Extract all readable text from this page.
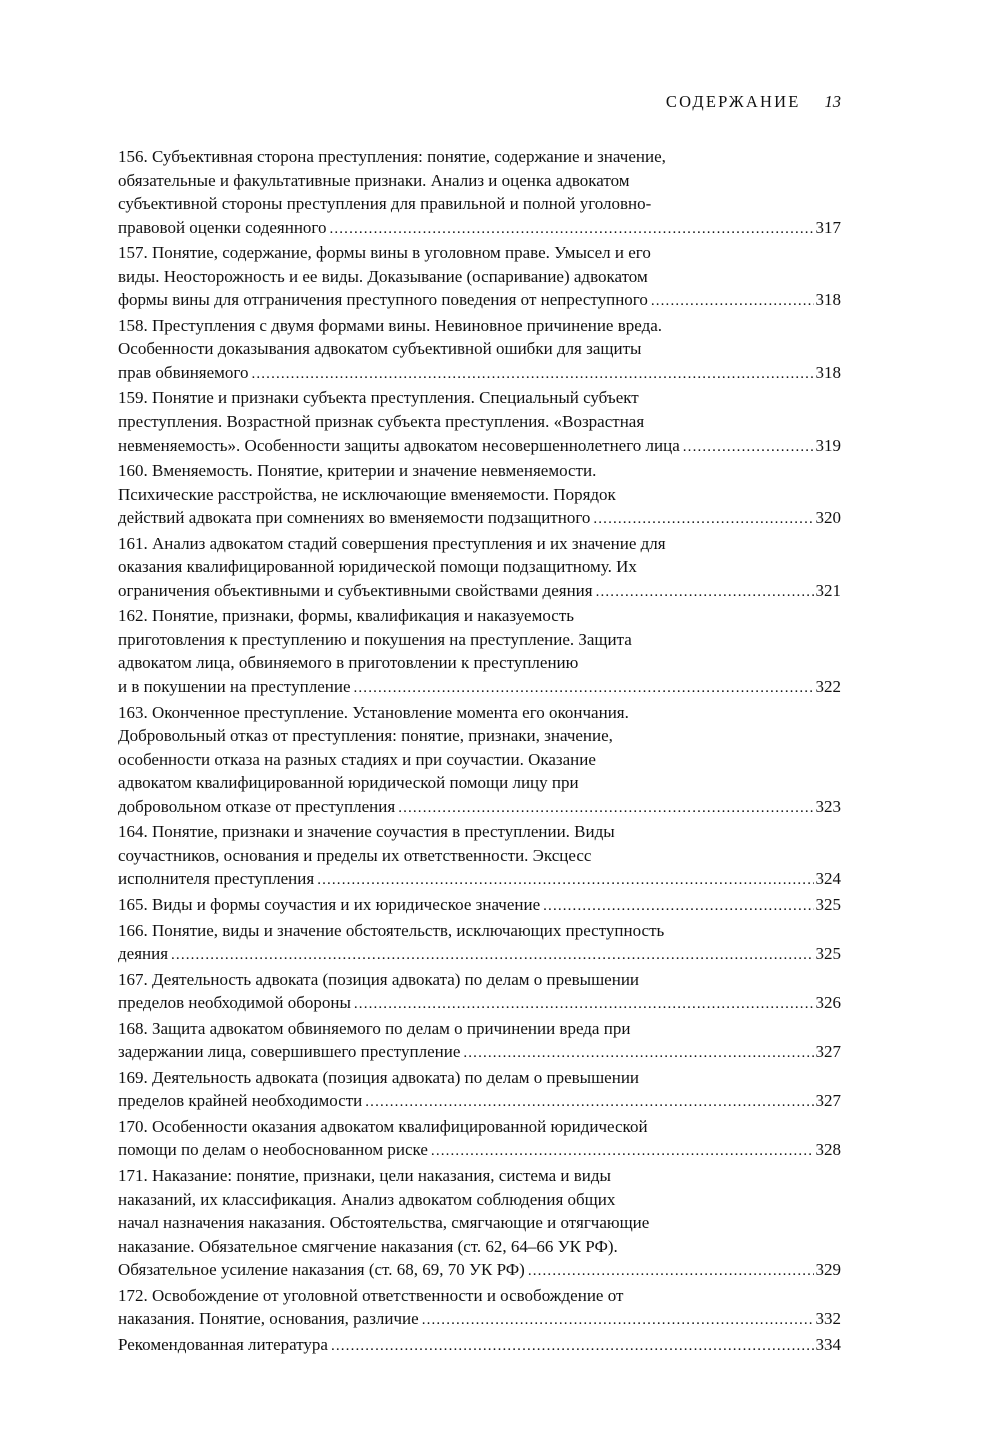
СОДЕРЖАНИЕ 13
156. Субъективная сторона преступления: понятие, содержание и значение,
обязательные и факультативные признаки. Анализ и оценка адвокатом
субъективной стороны преступления для правильной и полной уголовно-
правовой оценки содеянного . . .	317
157. Понятие, содержание, формы вины в уголовном праве. Умысел и его
виды. Неосторожность и ее виды. Доказывание (оспаривание) адвокатом
формы вины для отграничения преступного поведения от непреступного . . .	318
158. Преступления с двумя формами вины. Невиновное причинение вреда.
Особенности доказывания адвокатом субъективной ошибки для защиты
прав обвиняемого . . .	318
159. Понятие и признаки субъекта преступления. Специальный субъект
преступления. Возрастной признак субъекта преступления. «Возрастная
невменяемость». Особенности защиты адвокатом несовершеннолетнего лица . . .	319
160. Вменяемость. Понятие, критерии и значение невменяемости.
Психические расстройства, не исключающие вменяемости. Порядок
действий адвоката при сомнениях во вменяемости подзащитного . . .	320
161. Анализ адвокатом стадий совершения преступления и их значение для
оказания квалифицированной юридической помощи подзащитному. Их
ограничения объективными и субъективными свойствами деяния . . .	321
162. Понятие, признаки, формы, квалификация и наказуемость
приготовления к преступлению и покушения на преступление. Защита
адвокатом лица, обвиняемого в приготовлении к преступлению
и в покушении на преступление . . .	322
163. Оконченное преступление. Установление момента его окончания.
Добровольный отказ от преступления: понятие, признаки, значение,
особенности отказа на разных стадиях и при соучастии. Оказание
адвокатом квалифицированной юридической помощи лицу при
добровольном отказе от преступления . . .	323
164. Понятие, признаки и значение соучастия в преступлении. Виды
соучастников, основания и пределы их ответственности. Эксцесс
исполнителя преступления . . .	324
165. Виды и формы соучастия и их юридическое значение . . .	325
166. Понятие, виды и значение обстоятельств, исключающих преступность
деяния . . .	325
167. Деятельность адвоката (позиция адвоката) по делам о превышении
пределов необходимой обороны . . .	326
168. Защита адвокатом обвиняемого по делам о причинении вреда при
задержании лица, совершившего преступление . . .	327
169. Деятельность адвоката (позиция адвоката) по делам о превышении
пределов крайней необходимости . . .	327
170. Особенности оказания адвокатом квалифицированной юридической
помощи по делам о необоснованном риске . . .	328
171. Наказание: понятие, признаки, цели наказания, система и виды
наказаний, их классификация. Анализ адвокатом соблюдения общих
начал назначения наказания. Обстоятельства, смягчающие и отягчающие
наказание. Обязательное смягчение наказания (ст. 62, 64–66 УК РФ).
Обязательное усиление наказания (ст. 68, 69, 70 УК РФ) . . .	329
172. Освобождение от уголовной ответственности и освобождение от
наказания. Понятие, основания, различие . . .	332
Рекомендованная литература . . .	334
